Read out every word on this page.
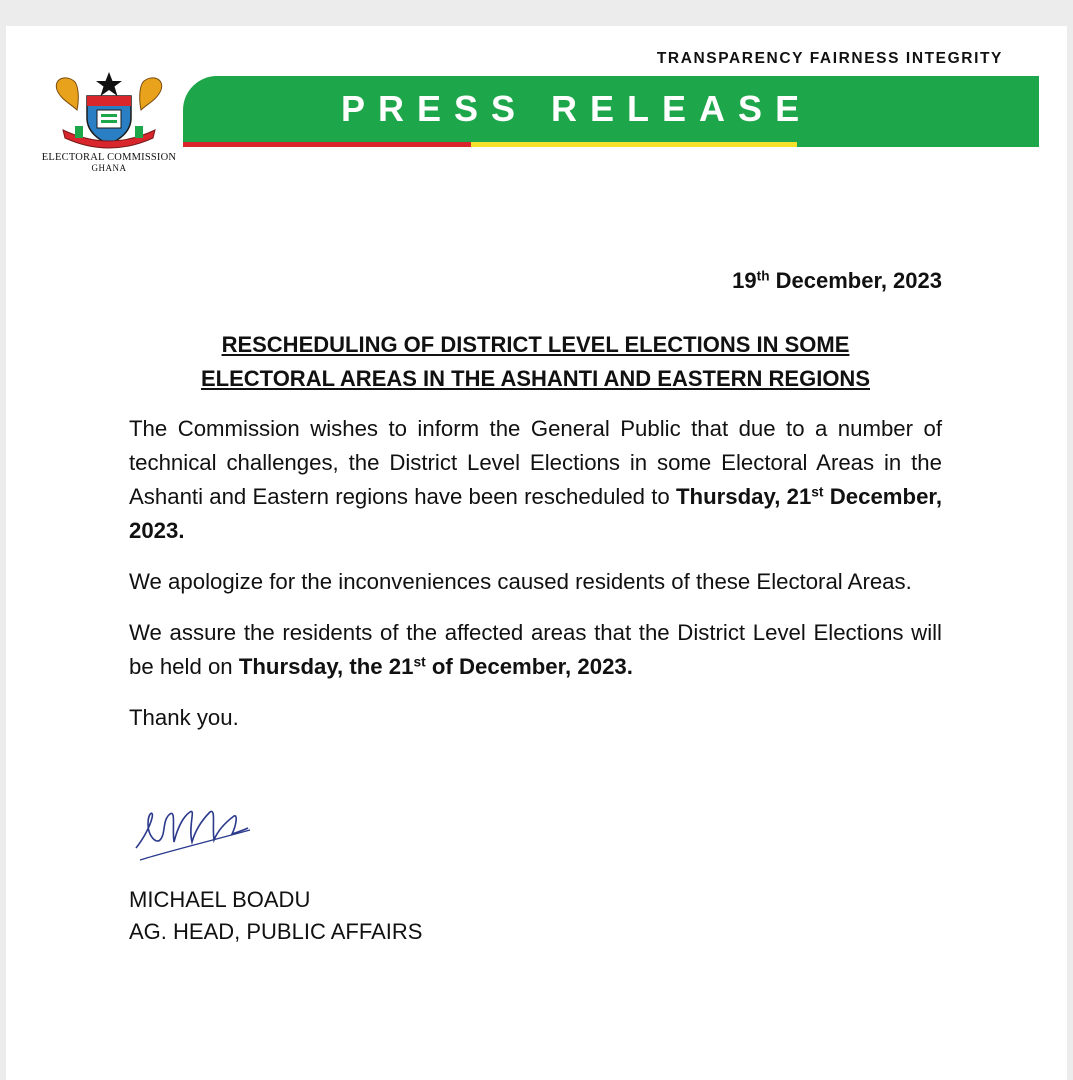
ELECTORAL COMMISSION
GHANA
TRANSPARENCY FAIRNESS INTEGRITY
PRESS RELEASE
19th December, 2023
RESCHEDULING OF DISTRICT LEVEL ELECTIONS IN SOME
ELECTORAL AREAS IN THE ASHANTI AND EASTERN REGIONS

The Commission wishes to inform the General Public that due to a number of technical challenges, the District Level Elections in some Electoral Areas in the Ashanti and Eastern regions have been rescheduled to Thursday, 21st December, 2023.

We apologize for the inconveniences caused residents of these Electoral Areas.

We assure the residents of the affected areas that the District Level Elections will be held on Thursday, the 21st of December, 2023.

Thank you.

MICHAEL BOADU
AG. HEAD, PUBLIC AFFAIRS
